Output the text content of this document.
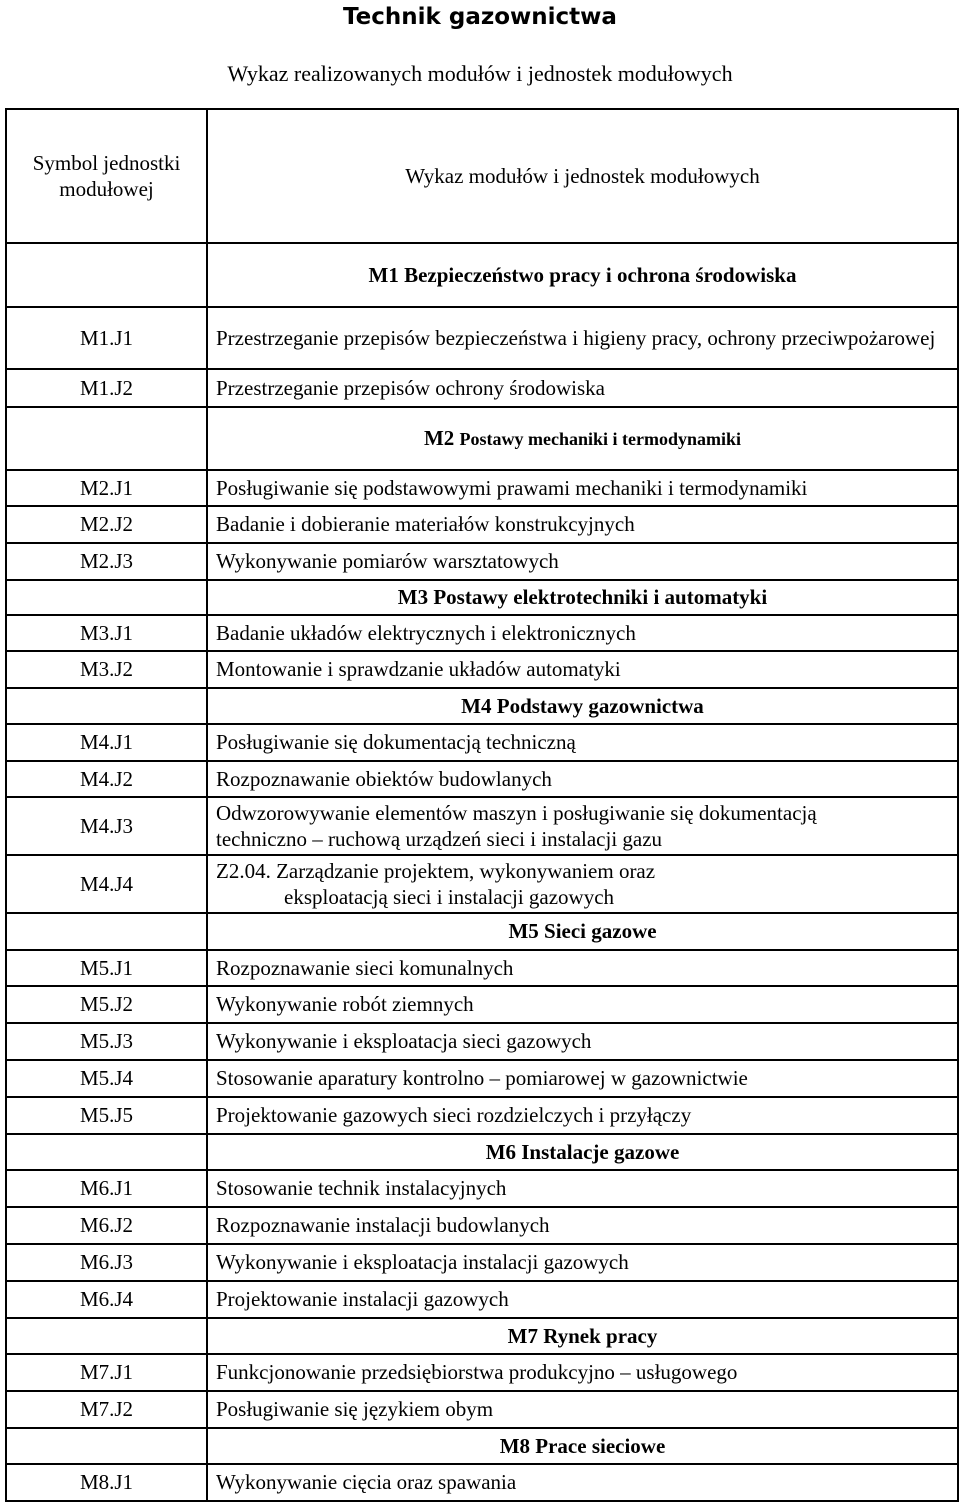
Technik gazownictwa
Wykaz realizowanych modułów i jednostek modułowych
Symbol jednostki
modułowej	Wykaz modułów i jednostek modułowych
	M1 Bezpieczeństwo pracy i ochrona środowiska
M1.J1	Przestrzeganie przepisów bezpieczeństwa i higieny pracy, ochrony przeciwpożarowej
M1.J2	Przestrzeganie przepisów ochrony środowiska
	M2 Postawy mechaniki i termodynamiki
M2.J1	Posługiwanie się podstawowymi prawami mechaniki i termodynamiki
M2.J2	Badanie i dobieranie materiałów konstrukcyjnych
M2.J3	Wykonywanie pomiarów warsztatowych
	M3 Postawy elektrotechniki i automatyki
M3.J1	Badanie układów elektrycznych i elektronicznych
M3.J2	Montowanie i sprawdzanie układów automatyki
	M4 Podstawy gazownictwa
M4.J1	Posługiwanie się dokumentacją techniczną
M4.J2	Rozpoznawanie obiektów budowlanych
M4.J3	Odwzorowywanie elementów maszyn i posługiwanie się dokumentacją
techniczno – ruchową urządzeń sieci i instalacji gazu

M4.J4	Z2.04. Zarządzanie projektem, wykonywaniem oraz
eksploatacją sieci i instalacji gazowych

	M5 Sieci gazowe
M5.J1	Rozpoznawanie sieci komunalnych
M5.J2	Wykonywanie robót ziemnych
M5.J3	Wykonywanie i eksploatacja sieci gazowych
M5.J4	Stosowanie aparatury kontrolno – pomiarowej w gazownictwie
M5.J5	Projektowanie gazowych sieci rozdzielczych i przyłączy
	M6 Instalacje gazowe
M6.J1	Stosowanie technik instalacyjnych
M6.J2	Rozpoznawanie instalacji budowlanych
M6.J3	Wykonywanie i eksploatacja instalacji gazowych
M6.J4	Projektowanie instalacji gazowych
	M7 Rynek pracy
M7.J1	Funkcjonowanie przedsiębiorstwa produkcyjno – usługowego
M7.J2	Posługiwanie się językiem obym
	M8 Prace sieciowe
M8.J1	Wykonywanie cięcia oraz spawania
